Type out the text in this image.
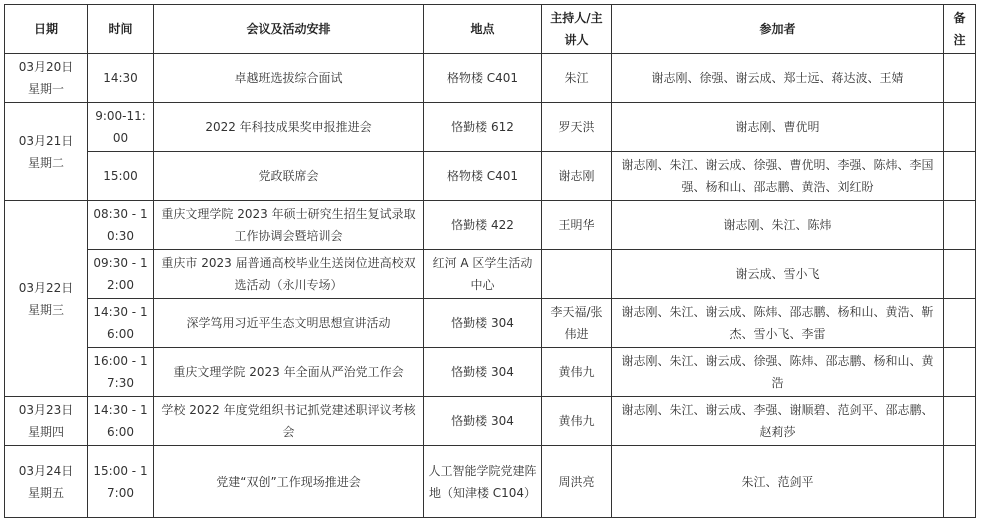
日期	时间	会议及活动安排	地点	主持人/主讲人	参加者	备注

03月20日
星期一	14:30	卓越班选拔综合面试	格物楼 C401	朱江	谢志刚、徐强、谢云成、郑士远、蒋达波、王婧	

03月21日
星期二	9:00-11:00	2022 年科技成果奖申报推进会	恪勤楼 612	罗天洪	谢志刚、曹优明	
	15:00	党政联席会	格物楼 C401	谢志刚	谢志刚、朱江、谢云成、徐强、曹优明、李强、陈炜、李国强、杨和山、邵志鹏、黄浩、刘红盼	

03月22日
星期三	08:30 - 10:30	重庆文理学院 2023 年硕士研究生招生复试录取工作协调会暨培训会	恪勤楼 422	王明华	谢志刚、朱江、陈炜	
	09:30 - 12:00	重庆市 2023 届普通高校毕业生送岗位进高校双选活动（永川专场）	红河 A 区学生活动中心		谢云成、雪小飞	
	14:30 - 16:00	深学笃用习近平生态文明思想宣讲活动	恪勤楼 304	李天福/张伟进	谢志刚、朱江、谢云成、陈炜、邵志鹏、杨和山、黄浩、靳杰、雪小飞、李雷	
	16:00 - 17:30	重庆文理学院 2023 年全面从严治党工作会	恪勤楼 304	黄伟九	谢志刚、朱江、谢云成、徐强、陈炜、邵志鹏、杨和山、黄浩	

03月23日
星期四	14:30 - 16:00	学校 2022 年度党组织书记抓党建述职评议考核会	恪勤楼 304	黄伟九	谢志刚、朱江、谢云成、李强、谢顺碧、范剑平、邵志鹏、赵莉莎	

03月24日
星期五	15:00 - 17:00	党建“双创”工作现场推进会	人工智能学院党建阵地（知津楼 C104）	周洪亮	朱江、范剑平	
